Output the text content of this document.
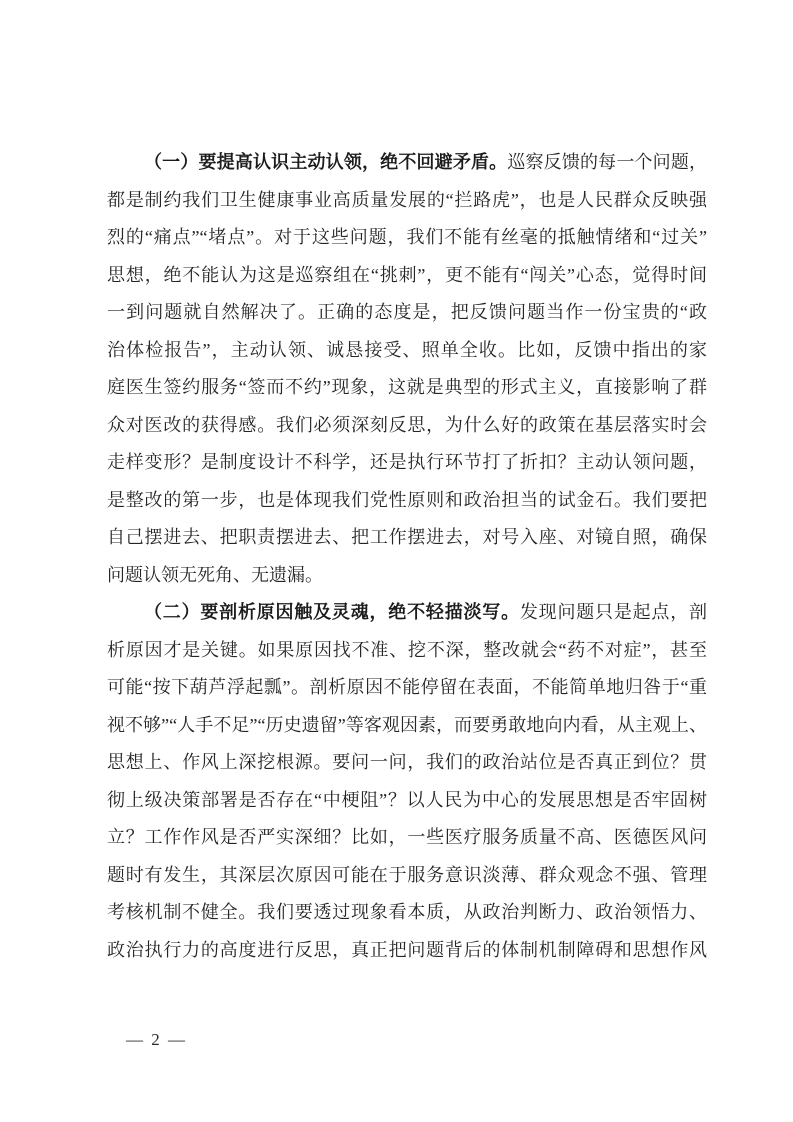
（一）要提高认识主动认领，绝不回避矛盾。巡察反馈的每一个问题，
都是制约我们卫生健康事业高质量发展的“拦路虎”，也是人民群众反映强
烈的“痛点”“堵点”。对于这些问题，我们不能有丝毫的抵触情绪和“过关”
思想，绝不能认为这是巡察组在“挑刺”，更不能有“闯关”心态，觉得时间
一到问题就自然解决了。正确的态度是，把反馈问题当作一份宝贵的“政
治体检报告”，主动认领、诚恳接受、照单全收。比如，反馈中指出的家
庭医生签约服务“签而不约”现象，这就是典型的形式主义，直接影响了群
众对医改的获得感。我们必须深刻反思，为什么好的政策在基层落实时会
走样变形？是制度设计不科学，还是执行环节打了折扣？主动认领问题，
是整改的第一步，也是体现我们党性原则和政治担当的试金石。我们要把
自己摆进去、把职责摆进去、把工作摆进去，对号入座、对镜自照，确保
问题认领无死角、无遗漏。
（二）要剖析原因触及灵魂，绝不轻描淡写。发现问题只是起点，剖
析原因才是关键。如果原因找不准、挖不深，整改就会“药不对症”，甚至
可能“按下葫芦浮起瓢”。剖析原因不能停留在表面，不能简单地归咎于“重
视不够”“人手不足”“历史遗留”等客观因素，而要勇敢地向内看，从主观上、
思想上、作风上深挖根源。要问一问，我们的政治站位是否真正到位？贯
彻上级决策部署是否存在“中梗阻”？以人民为中心的发展思想是否牢固树
立？工作作风是否严实深细？比如，一些医疗服务质量不高、医德医风问
题时有发生，其深层次原因可能在于服务意识淡薄、群众观念不强、管理
考核机制不健全。我们要透过现象看本质，从政治判断力、政治领悟力、
政治执行力的高度进行反思，真正把问题背后的体制机制障碍和思想作风
— 2 —
